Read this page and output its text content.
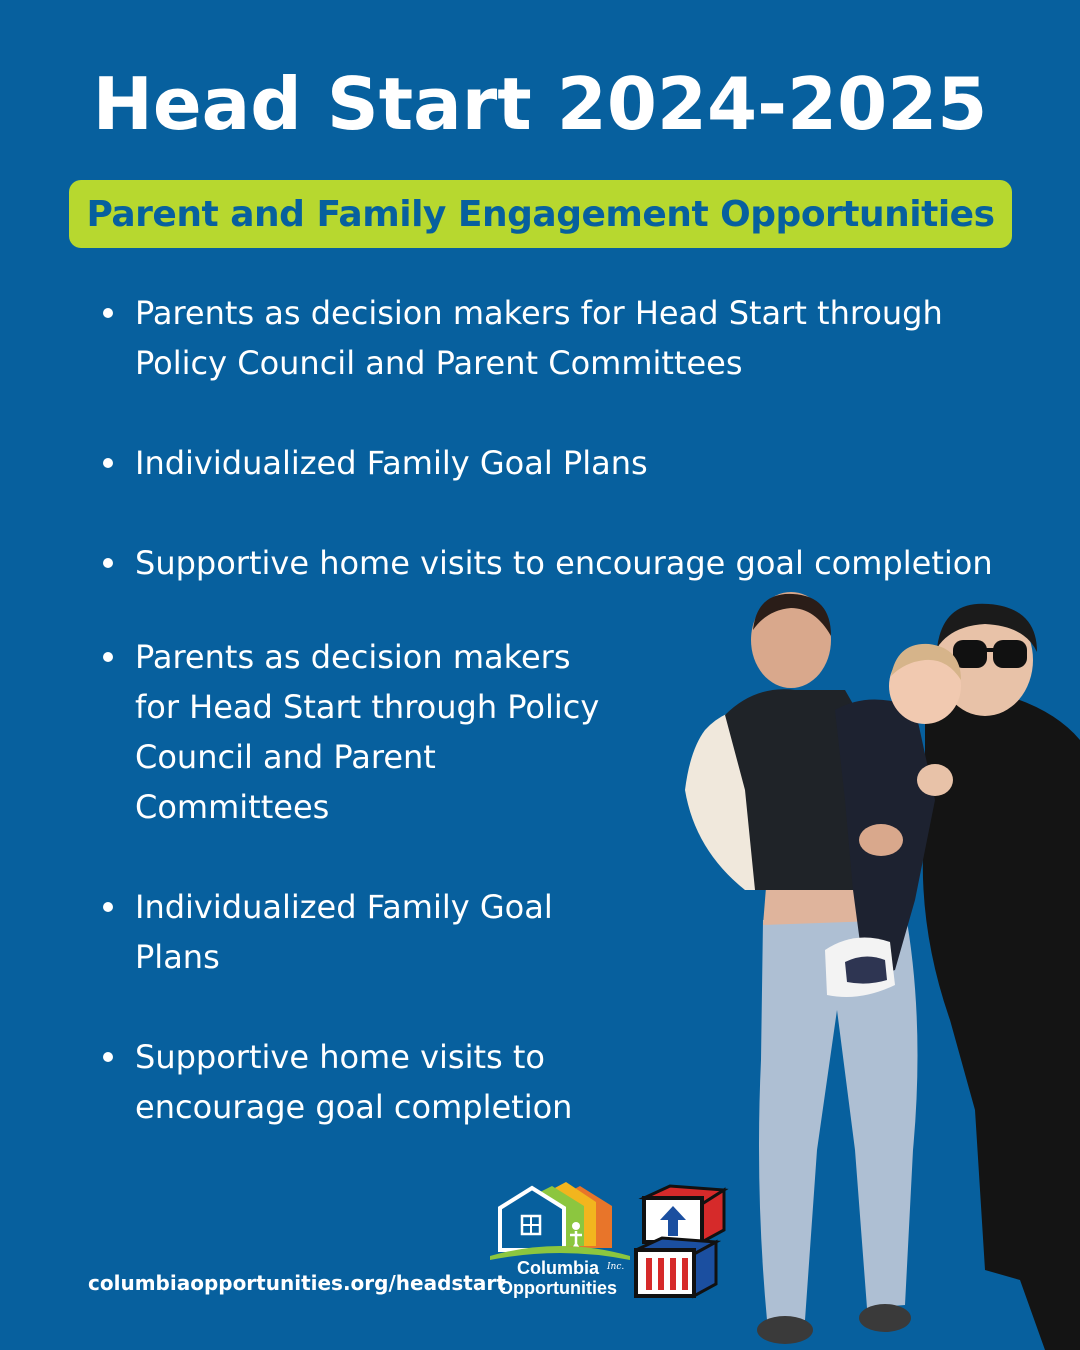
Head Start 2024-2025
Parent and Family Engagement Opportunities
Parents as decision makers for Head Start through
Policy Council and Parent Committees
Individualized Family Goal Plans
Supportive home visits to encourage goal completion
Parents as decision makers
for Head Start through Policy
Council and Parent
Committees
Individualized Family Goal
Plans
Supportive home visits to
encourage goal completion
columbiaopportunities.org/headstart
Columbia
Opportunities
Inc.
